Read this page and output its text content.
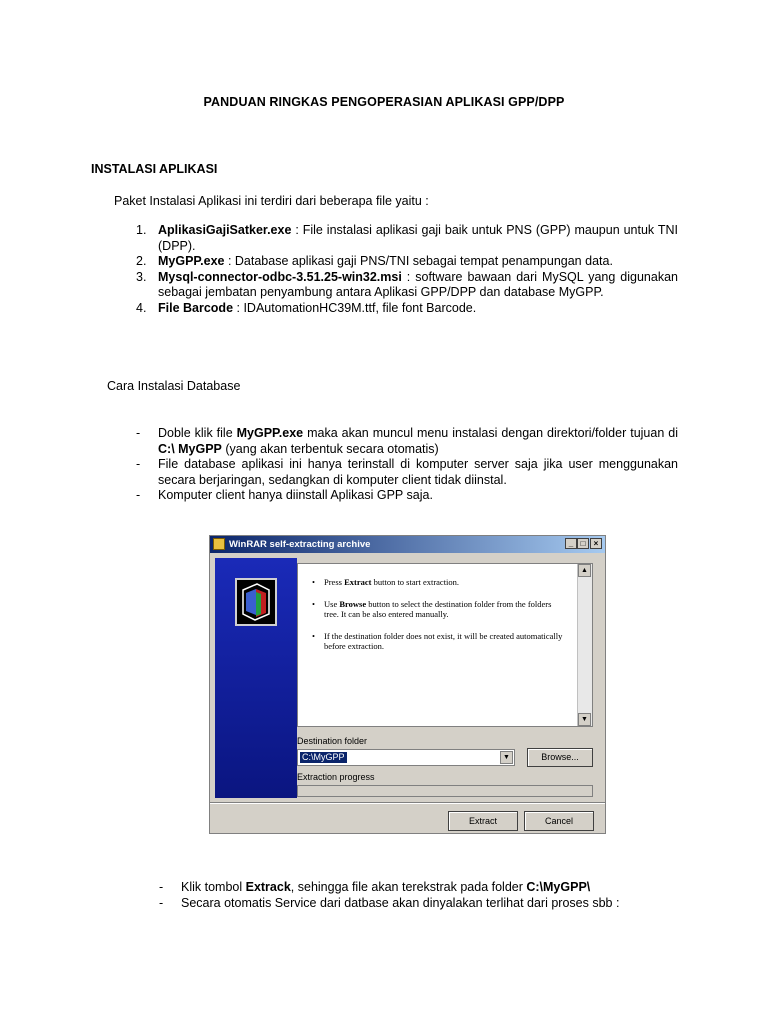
PANDUAN RINGKAS PENGOPERASIAN APLIKASI GPP/DPP
INSTALASI APLIKASI
Paket Instalasi Aplikasi ini terdiri dari beberapa file yaitu :
1. AplikasiGajiSatker.exe : File instalasi aplikasi gaji baik untuk PNS (GPP) maupun untuk TNI (DPP).
2. MyGPP.exe : Database aplikasi gaji PNS/TNI sebagai tempat penampungan data.
3. Mysql-connector-odbc-3.51.25-win32.msi : software bawaan dari MySQL yang digunakan sebagai jembatan penyambung antara Aplikasi GPP/DPP dan database MyGPP.
4. File Barcode : IDAutomationHC39M.ttf, file font Barcode.
Cara Instalasi Database
- Doble klik file MyGPP.exe maka akan muncul menu instalasi dengan direktori/folder tujuan di C:\ MyGPP (yang akan terbentuk secara otomatis)
- File database aplikasi ini hanya terinstall di komputer server saja jika user menggunakan secara berjaringan, sedangkan di komputer client tidak diinstal.
- Komputer client hanya diinstall Aplikasi GPP saja.
WinRAR self-extracting archive	_ □	×
• Press Extract button to start extraction.
• Use Browse button to select the destination folder from the folders tree. It can be also entered manually.
• If the destination folder does not exist, it will be created automatically before extraction.
▲
▼
Destination folder
C:\MyGPP	▼	Browse...
Extraction progress
Extract	Cancel
- Klik tombol Extrack, sehingga file akan terekstrak pada folder C:\MyGPP\
- Secara otomatis Service dari datbase akan dinyalakan terlihat dari proses sbb :
